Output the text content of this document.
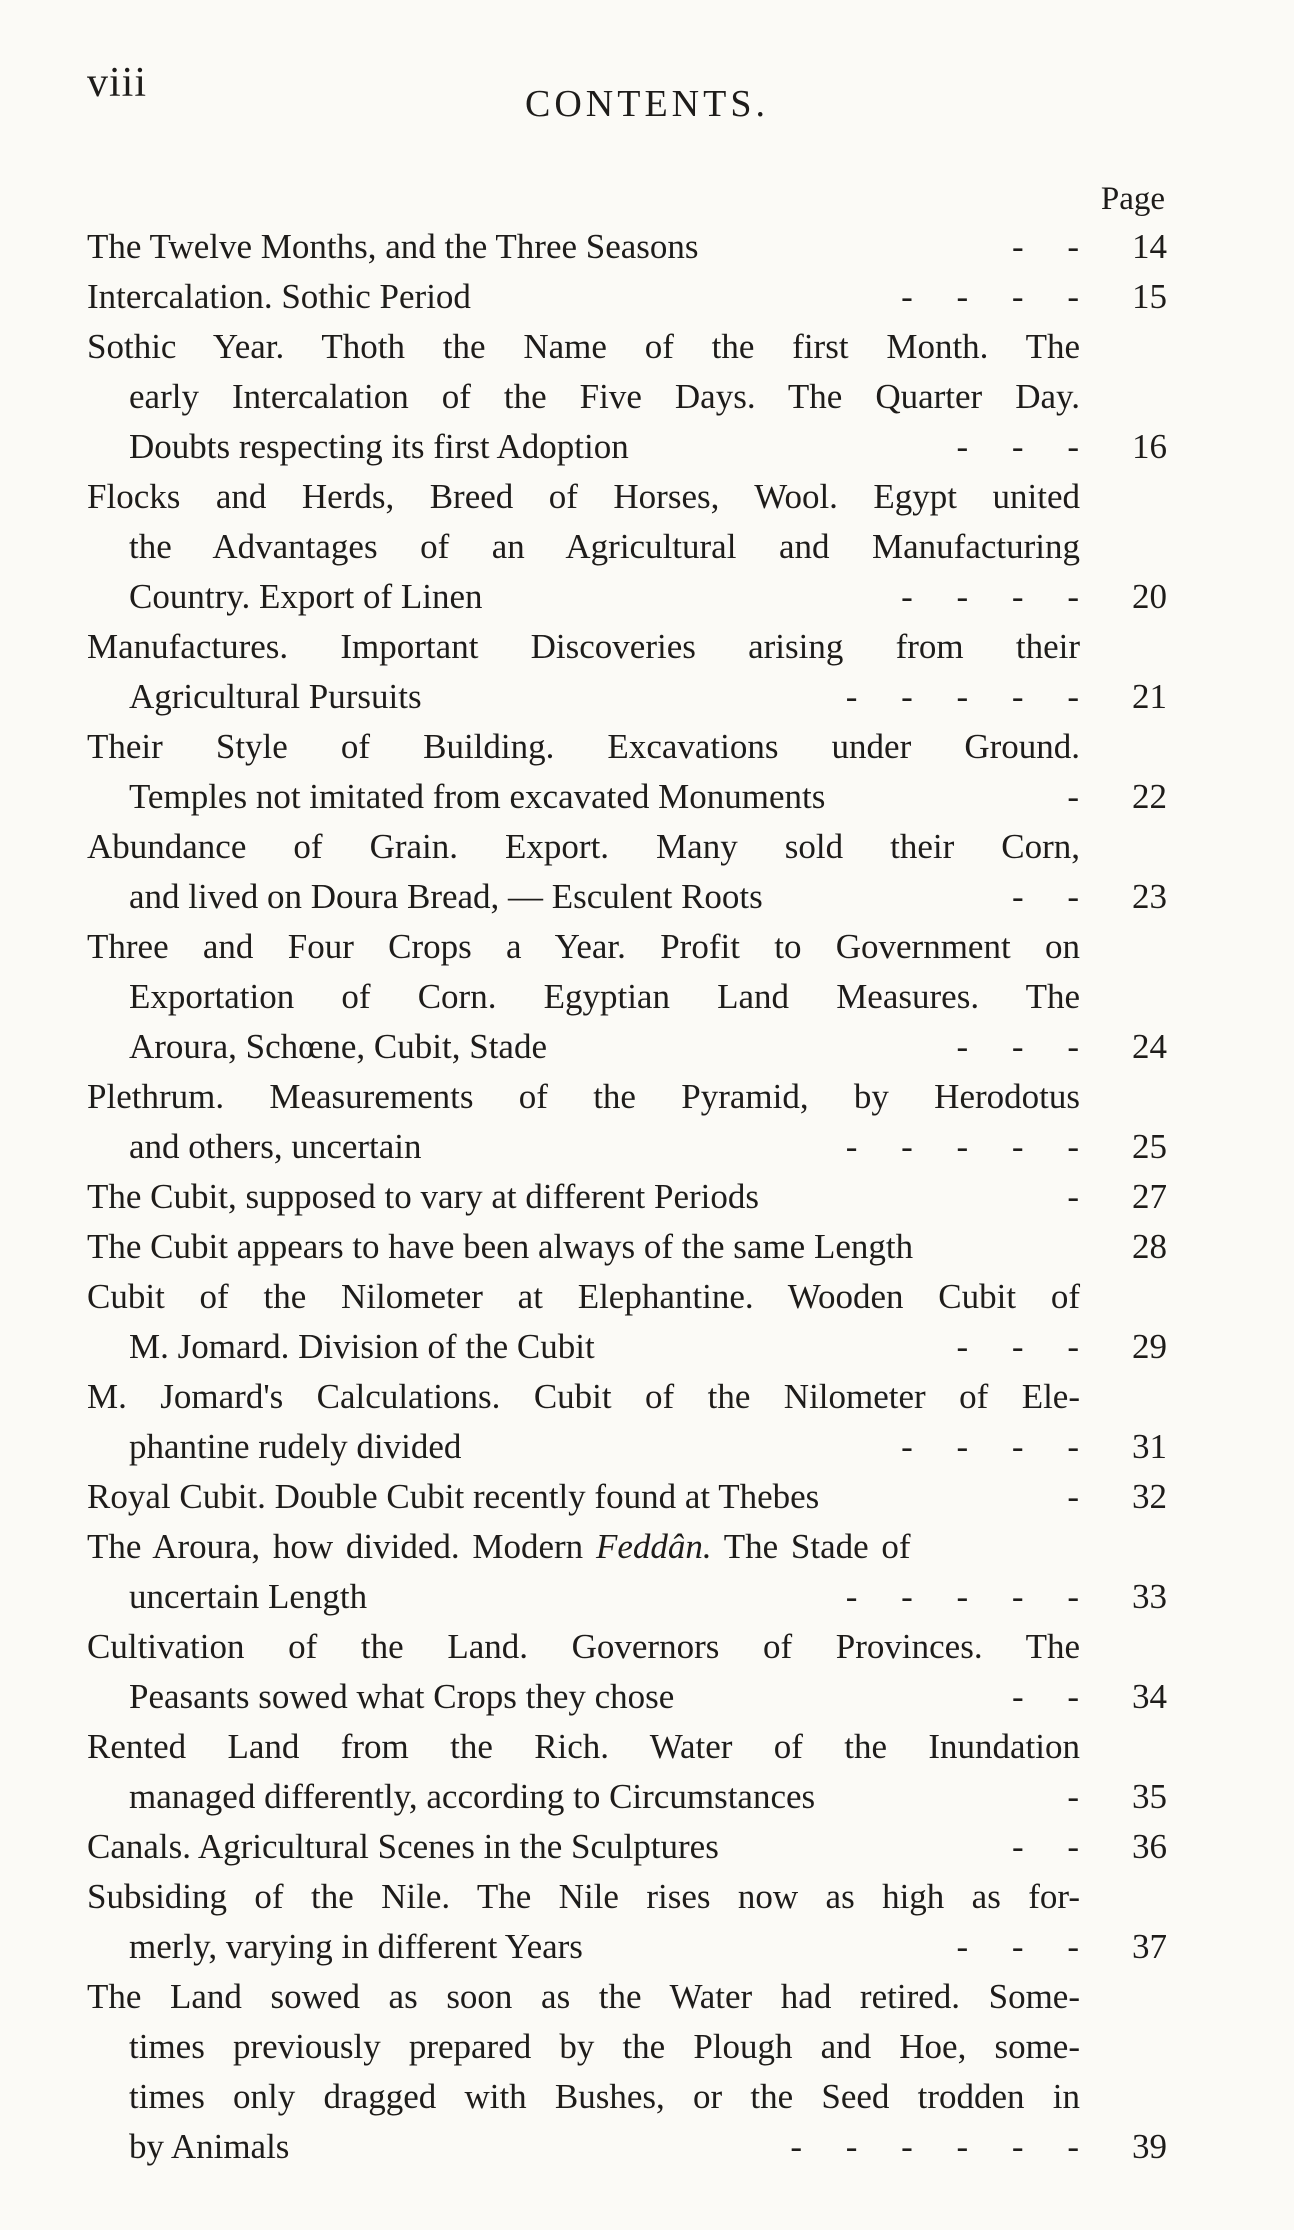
viii	CONTENTS.
Page
The Twelve Months, and the Three Seasons	-     -	14
Intercalation. Sothic Period	-     -     -     -	15
Sothic Year. Thoth the Name of the first Month. The
early Intercalation of the Five Days. The Quarter Day.
Doubts respecting its first Adoption	-     -     -	16
Flocks and Herds, Breed of Horses, Wool. Egypt united
the Advantages of an Agricultural and Manufacturing
Country. Export of Linen	-     -     -     -	20
Manufactures. Important Discoveries arising from their
Agricultural Pursuits	-     -     -     -     -	21
Their Style of Building. Excavations under Ground.
Temples not imitated from excavated Monuments	-	22
Abundance of Grain. Export. Many sold their Corn,
and lived on Doura Bread, — Esculent Roots	-     -	23
Three and Four Crops a Year. Profit to Government on
Exportation of Corn. Egyptian Land Measures. The
Aroura, Schœne, Cubit, Stade	-     -     -	24
Plethrum. Measurements of the Pyramid, by Herodotus
and others, uncertain	-     -     -     -     -	25
The Cubit, supposed to vary at different Periods	-	27
The Cubit appears to have been always of the same Length	28
Cubit of the Nilometer at Elephantine. Wooden Cubit of
M. Jomard. Division of the Cubit	-     -     -	29
M. Jomard's Calculations. Cubit of the Nilometer of Ele-
phantine rudely divided	-     -     -     -	31
Royal Cubit. Double Cubit recently found at Thebes	-	32
The Aroura, how divided. Modern Feddân. The Stade of
uncertain Length	-     -     -     -     -	33
Cultivation of the Land. Governors of Provinces. The
Peasants sowed what Crops they chose	-     -	34
Rented Land from the Rich. Water of the Inundation
managed differently, according to Circumstances	-	35
Canals. Agricultural Scenes in the Sculptures	-     -	36
Subsiding of the Nile. The Nile rises now as high as for-
merly, varying in different Years	-     -     -	37
The Land sowed as soon as the Water had retired. Some-
times previously prepared by the Plough and Hoe, some-
times only dragged with Bushes, or the Seed trodden in
by Animals	-     -     -     -     -     -	39
